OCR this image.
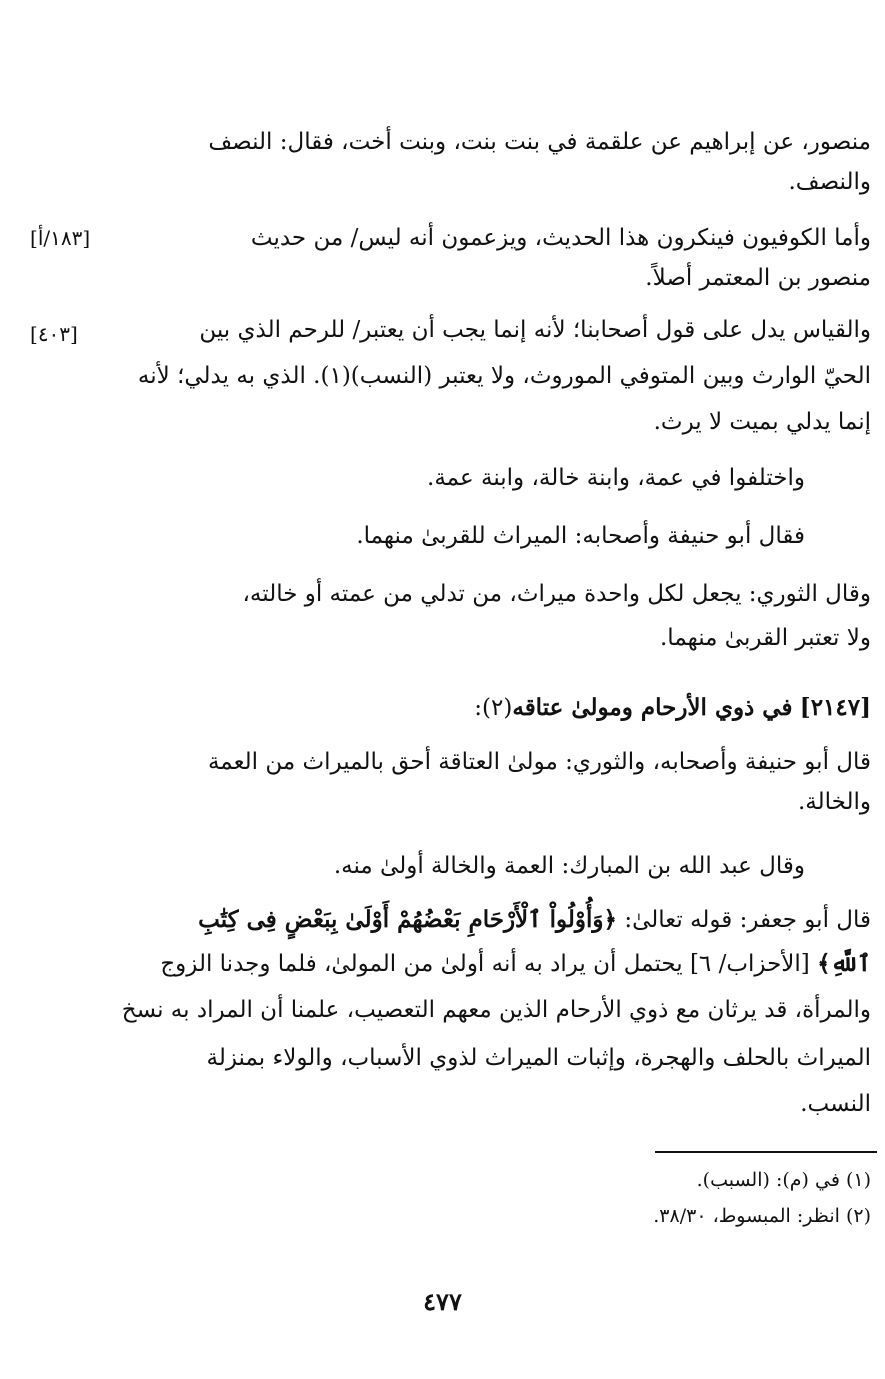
منصور، عن إبراهيم عن علقمة في بنت بنت، وبنت أخت، فقال: النصف
والنصف.
وأما الكوفيون فينكرون هذا الحديث، ويزعمون أنه ليس/ من حديث
[١٨٣/أ]
منصور بن المعتمر أصلاً.
والقياس يدل على قول أصحابنا؛ لأنه إنما يجب أن يعتبر/ للرحم الذي بين
[٤٠٣]
الحيّ الوارث وبين المتوفي الموروث، ولا يعتبر (النسب)(١). الذي به يدلي؛ لأنه
إنما يدلي بميت لا يرث.
واختلفوا في عمة، وابنة خالة، وابنة عمة.
فقال أبو حنيفة وأصحابه: الميراث للقربىٰ منهما.
وقال الثوري: يجعل لكل واحدة ميراث، من تدلي من عمته أو خالته،
ولا تعتبر القربىٰ منهما.
[٢١٤٧] في ذوي الأرحام ومولىٰ عتاقه(٢):
قال أبو حنيفة وأصحابه، والثوري: مولىٰ العتاقة أحق بالميراث من العمة
والخالة.
وقال عبد الله بن المبارك: العمة والخالة أولىٰ منه.
قال أبو جعفر: قوله تعالىٰ: ﴿وَأُوْلُواْ ٱلْأَرْحَامِ بَعْضُهُمْ أَوْلَىٰ بِبَعْضٍ فِى كِتَٰبِ
ٱللَّهِ﴾ [الأحزاب/ ٦] يحتمل أن يراد به أنه أولىٰ من المولىٰ، فلما وجدنا الزوج
والمرأة، قد يرثان مع ذوي الأرحام الذين معهم التعصيب، علمنا أن المراد به نسخ
الميراث بالحلف والهجرة، وإثبات الميراث لذوي الأسباب، والولاء بمنزلة
النسب.
(١) في (م): (السبب).
(٢) انظر: المبسوط، ٣٨/٣٠.
٤٧٧
